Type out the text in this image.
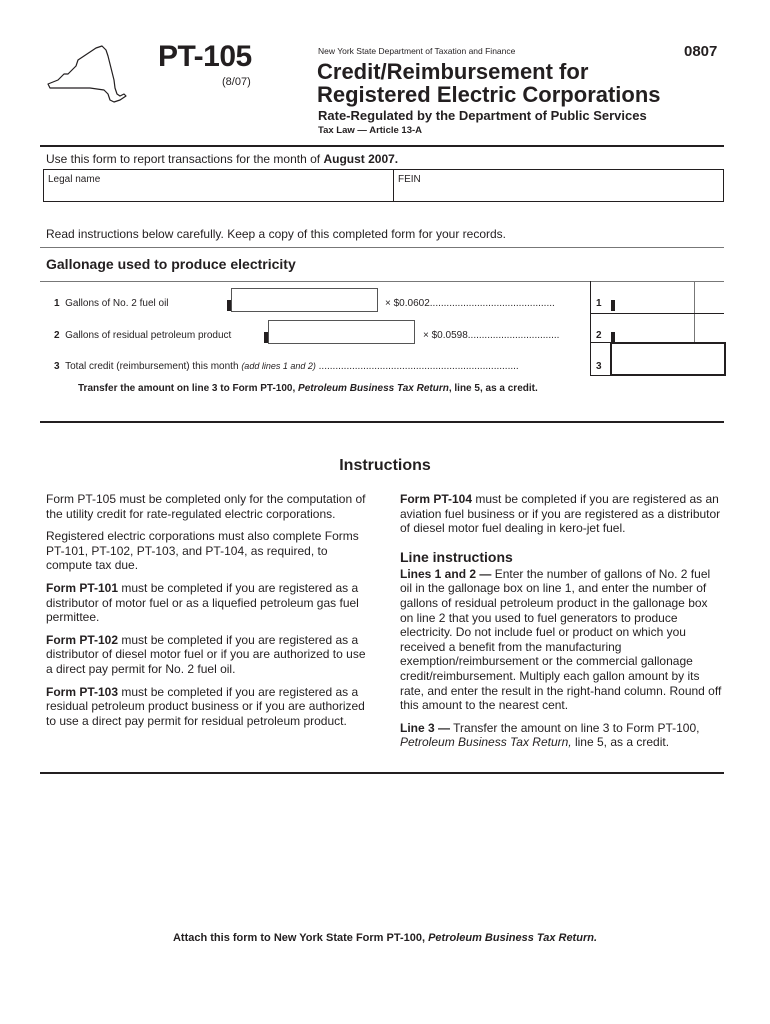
PT-105
(8/07)
New York State Department of Taxation and Finance	0807
Credit/Reimbursement for
Registered Electric Corporations
Rate-Regulated by the Department of Public Services
Tax Law — Article 13-A
Use this form to report transactions for the month of August 2007.
Legal name	FEIN
Read instructions below carefully. Keep a copy of this completed form for your records.
Gallonage used to produce electricity
1 Gallons of No. 2 fuel oil	× $0.0602.............................................	1
2 Gallons of residual petroleum product	× $0.0598.................................	2
3 Total credit (reimbursement) this month (add lines 1 and 2) ........................................................................	3
Transfer the amount on line 3 to Form PT-100, Petroleum Business Tax Return, line 5, as a credit.
Instructions

Form PT-105 must be completed only for the computation of the utility credit for rate-regulated electric corporations.

Registered electric corporations must also complete Forms PT-101, PT-102, PT-103, and PT-104, as required, to compute tax due.

Form PT-101 must be completed if you are registered as a distributor of motor fuel or as a liquefied petroleum gas fuel permittee.

Form PT-102 must be completed if you are registered as a distributor of diesel motor fuel or if you are authorized to use a direct pay permit for No. 2 fuel oil.

Form PT-103 must be completed if you are registered as a residual petroleum product business or if you are authorized to use a direct pay permit for residual petroleum product.

Form PT-104 must be completed if you are registered as an aviation fuel business or if you are registered as a distributor of diesel motor fuel dealing in kero-jet fuel.

Line instructions

Lines 1 and 2 — Enter the number of gallons of No. 2 fuel oil in the gallonage box on line 1, and enter the number of gallons of residual petroleum product in the gallonage box on line 2 that you used to fuel generators to produce electricity. Do not include fuel or product on which you received a benefit from the manufacturing exemption/reimbursement or the commercial gallonage credit/reimbursement. Multiply each gallon amount by its rate, and enter the result in the right-hand column. Round off this amount to the nearest cent.

Line 3 — Transfer the amount on line 3 to Form PT-100, Petroleum Business Tax Return, line 5, as a credit.

Attach this form to New York State Form PT-100, Petroleum Business Tax Return.
